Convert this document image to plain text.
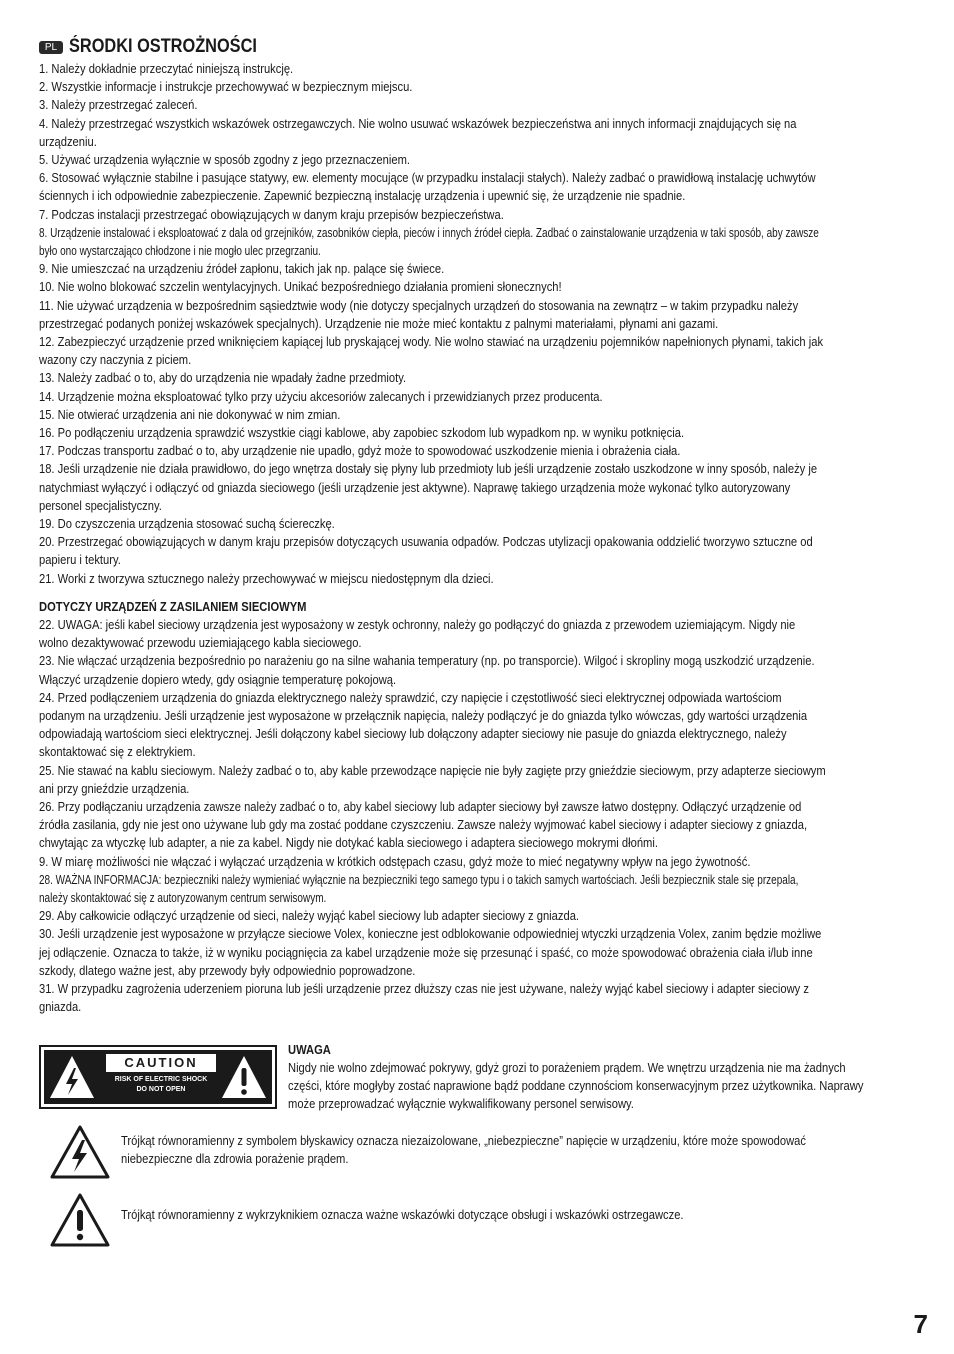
PL ŚRODKI OSTROŻNOŚCI
1. Należy dokładnie przeczytać niniejszą instrukcję.
2. Wszystkie informacje i instrukcje przechowywać w bezpiecznym miejscu.
3. Należy przestrzegać zaleceń.
4. Należy przestrzegać wszystkich wskazówek ostrzegawczych. Nie wolno usuwać wskazówek bezpieczeństwa ani innych informacji znajdujących się na urządzeniu.
5. Używać urządzenia wyłącznie w sposób zgodny z jego przeznaczeniem.
6. Stosować wyłącznie stabilne i pasujące statywy, ew. elementy mocujące (w przypadku instalacji stałych). Należy zadbać o prawidłową instalację uchwytów ściennych i ich odpowiednie zabezpieczenie. Zapewnić bezpieczną instalację urządzenia i upewnić się, że urządzenie nie spadnie.
7. Podczas instalacji przestrzegać obowiązujących w danym kraju przepisów bezpieczeństwa.
8. Urządzenie instalować i eksploatować z dala od grzejników, zasobników ciepła, pieców i innych źródeł ciepła. Zadbać o zainstalowanie urządzenia w taki sposób, aby zawsze było ono wystarczająco chłodzone i nie mogło ulec przegrzaniu.
9. Nie umieszczać na urządzeniu źródeł zapłonu, takich jak np. palące się świece.
10. Nie wolno blokować szczelin wentylacyjnych. Unikać bezpośredniego działania promieni słonecznych!
11. Nie używać urządzenia w bezpośrednim sąsiedztwie wody (nie dotyczy specjalnych urządzeń do stosowania na zewnątrz – w takim przypadku należy przestrzegać podanych poniżej wskazówek specjalnych). Urządzenie nie może mieć kontaktu z palnymi materiałami, płynami ani gazami.
12. Zabezpieczyć urządzenie przed wniknięciem kapiącej lub pryskającej wody. Nie wolno stawiać na urządzeniu pojemników napełnionych płynami, takich jak wazony czy naczynia z piciem.
13. Należy zadbać o to, aby do urządzenia nie wpadały żadne przedmioty.
14. Urządzenie można eksploatować tylko przy użyciu akcesoriów zalecanych i przewidzianych przez producenta.
15. Nie otwierać urządzenia ani nie dokonywać w nim zmian.
16. Po podłączeniu urządzenia sprawdzić wszystkie ciągi kablowe, aby zapobiec szkodom lub wypadkom np. w wyniku potknięcia.
17. Podczas transportu zadbać o to, aby urządzenie nie upadło, gdyż może to spowodować uszkodzenie mienia i obrażenia ciała.
18. Jeśli urządzenie nie działa prawidłowo, do jego wnętrza dostały się płyny lub przedmioty lub jeśli urządzenie zostało uszkodzone w inny sposób, należy je natychmiast wyłączyć i odłączyć od gniazda sieciowego (jeśli urządzenie jest aktywne). Naprawę takiego urządzenia może wykonać tylko autoryzowany personel specjalistyczny.
19. Do czyszczenia urządzenia stosować suchą ściereczkę.
20. Przestrzegać obowiązujących w danym kraju przepisów dotyczących usuwania odpadów. Podczas utylizacji opakowania oddzielić tworzywo sztuczne od papieru i tektury.
21. Worki z tworzywa sztucznego należy przechowywać w miejscu niedostępnym dla dzieci.
DOTYCZY URZĄDZEŃ Z ZASILANIEM SIECIOWYM
22. UWAGA: jeśli kabel sieciowy urządzenia jest wyposażony w zestyk ochronny, należy go podłączyć do gniazda z przewodem uziemiającym. Nigdy nie wolno dezaktywować przewodu uziemiającego kabla sieciowego.
23. Nie włączać urządzenia bezpośrednio po narażeniu go na silne wahania temperatury (np. po transporcie). Wilgoć i skropliny mogą uszkodzić urządzenie. Włączyć urządzenie dopiero wtedy, gdy osiągnie temperaturę pokojową.
24. Przed podłączeniem urządzenia do gniazda elektrycznego należy sprawdzić, czy napięcie i częstotliwość sieci elektrycznej odpowiada wartościom podanym na urządzeniu. Jeśli urządzenie jest wyposażone w przełącznik napięcia, należy podłączyć je do gniazda tylko wówczas, gdy wartości urządzenia odpowiadają wartościom sieci elektrycznej. Jeśli dołączony kabel sieciowy lub dołączony adapter sieciowy nie pasuje do gniazda elektrycznego, należy skontaktować się z elektrykiem.
25. Nie stawać na kablu sieciowym. Należy zadbać o to, aby kable przewodzące napięcie nie były zagięte przy gnieździe sieciowym, przy adapterze sieciowym ani przy gnieździe urządzenia.
26. Przy podłączaniu urządzenia zawsze należy zadbać o to, aby kabel sieciowy lub adapter sieciowy był zawsze łatwo dostępny. Odłączyć urządzenie od źródła zasilania, gdy nie jest ono używane lub gdy ma zostać poddane czyszczeniu. Zawsze należy wyjmować kabel sieciowy i adapter sieciowy z gniazda, chwytając za wtyczkę lub adapter, a nie za kabel. Nigdy nie dotykać kabla sieciowego i adaptera sieciowego mokrymi dłońmi.
9. W miarę możliwości nie włączać i wyłączać urządzenia w krótkich odstępach czasu, gdyż może to mieć negatywny wpływ na jego żywotność.
28. WAŻNA INFORMACJA: bezpieczniki należy wymieniać wyłącznie na bezpieczniki tego samego typu i o takich samych wartościach. Jeśli bezpiecznik stale się przepala, należy skontaktować się z autoryzowanym centrum serwisowym.
29. Aby całkowicie odłączyć urządzenie od sieci, należy wyjąć kabel sieciowy lub adapter sieciowy z gniazda.
30. Jeśli urządzenie jest wyposażone w przyłącze sieciowe Volex, konieczne jest odblokowanie odpowiedniej wtyczki urządzenia Volex, zanim będzie możliwe jej odłączenie. Oznacza to także, iż w wyniku pociągnięcia za kabel urządzenie może się przesunąć i spaść, co może spowodować obrażenia ciała i/lub inne szkody, dlatego ważne jest, aby przewody były odpowiednio poprowadzone.
31. W przypadku zagrożenia uderzeniem pioruna lub jeśli urządzenie przez dłuższy czas nie jest używane, należy wyjąć kabel sieciowy i adapter sieciowy z gniazda.
CAUTION
RISK OF ELECTRIC SHOCK
DO NOT OPEN
UWAGA
Nigdy nie wolno zdejmować pokrywy, gdyż grozi to porażeniem prądem. We wnętrzu urządzenia nie ma żadnych części, które mogłyby zostać naprawione bądź poddane czynnościom konserwacyjnym przez użytkownika. Naprawy może przeprowadzać wyłącznie wykwalifikowany personel serwisowy.
Trójkąt równoramienny z symbolem błyskawicy oznacza niezaizolowane, „niebezpieczne” napięcie w urządzeniu, które może spowodować niebezpieczne dla zdrowia porażenie prądem.
Trójkąt równoramienny z wykrzyknikiem oznacza ważne wskazówki dotyczące obsługi i wskazówki ostrzegawcze.
7
